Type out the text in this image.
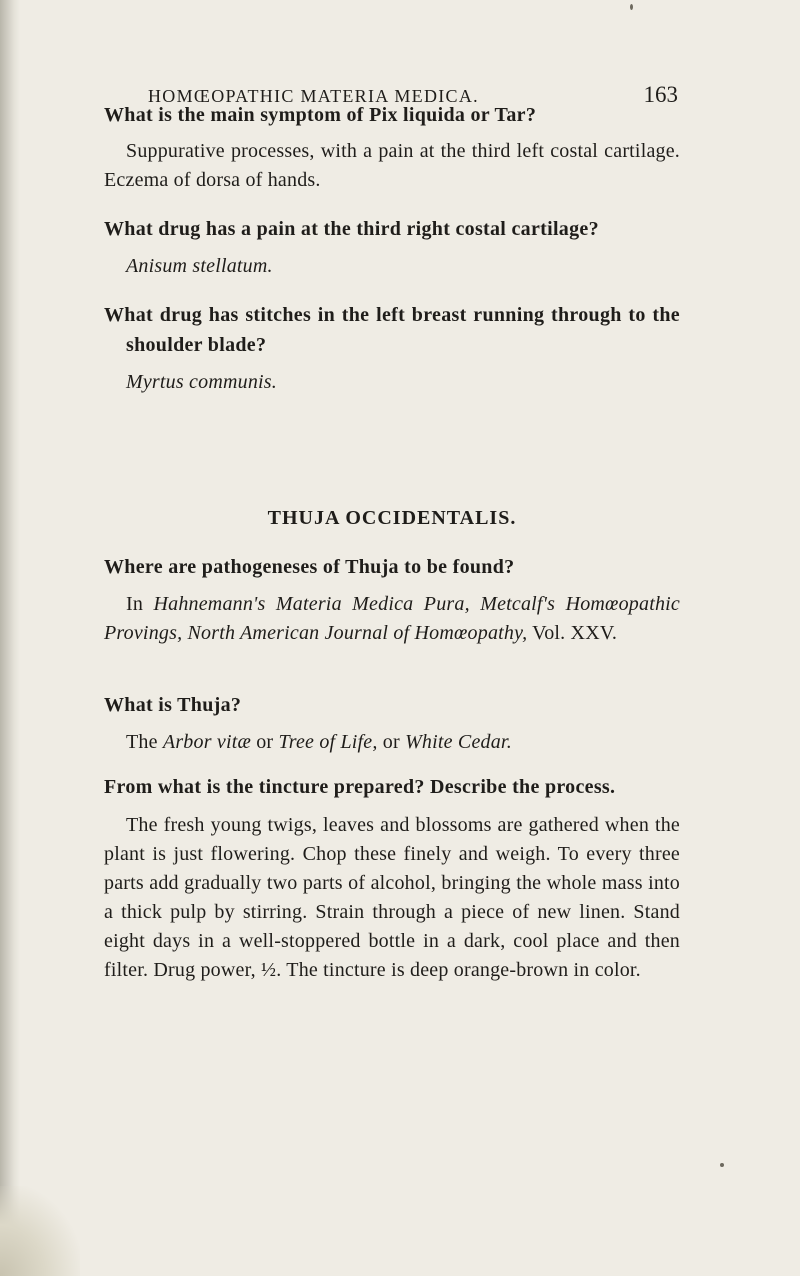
HOMŒOPATHIC MATERIA MEDICA.	163
What is the main symptom of Pix liquida or Tar?
Suppurative processes, with a pain at the third left costal cartilage. Eczema of dorsa of hands.
What drug has a pain at the third right costal cartilage?
Anisum stellatum.
What drug has stitches in the left breast running through to the shoulder blade?
Myrtus communis.
THUJA OCCIDENTALIS.
Where are pathogeneses of Thuja to be found?
In Hahnemann's Materia Medica Pura, Metcalf's Homœopathic Provings, North American Journal of Homœopathy, Vol. XXV.
What is Thuja?
The Arbor vitæ or Tree of Life, or White Cedar.
From what is the tincture prepared? Describe the process.
The fresh young twigs, leaves and blossoms are gathered when the plant is just flowering. Chop these finely and weigh. To every three parts add gradually two parts of alcohol, bringing the whole mass into a thick pulp by stirring. Strain through a piece of new linen. Stand eight days in a well-stoppered bottle in a dark, cool place and then filter. Drug power, ½. The tincture is deep orange-brown in color.
